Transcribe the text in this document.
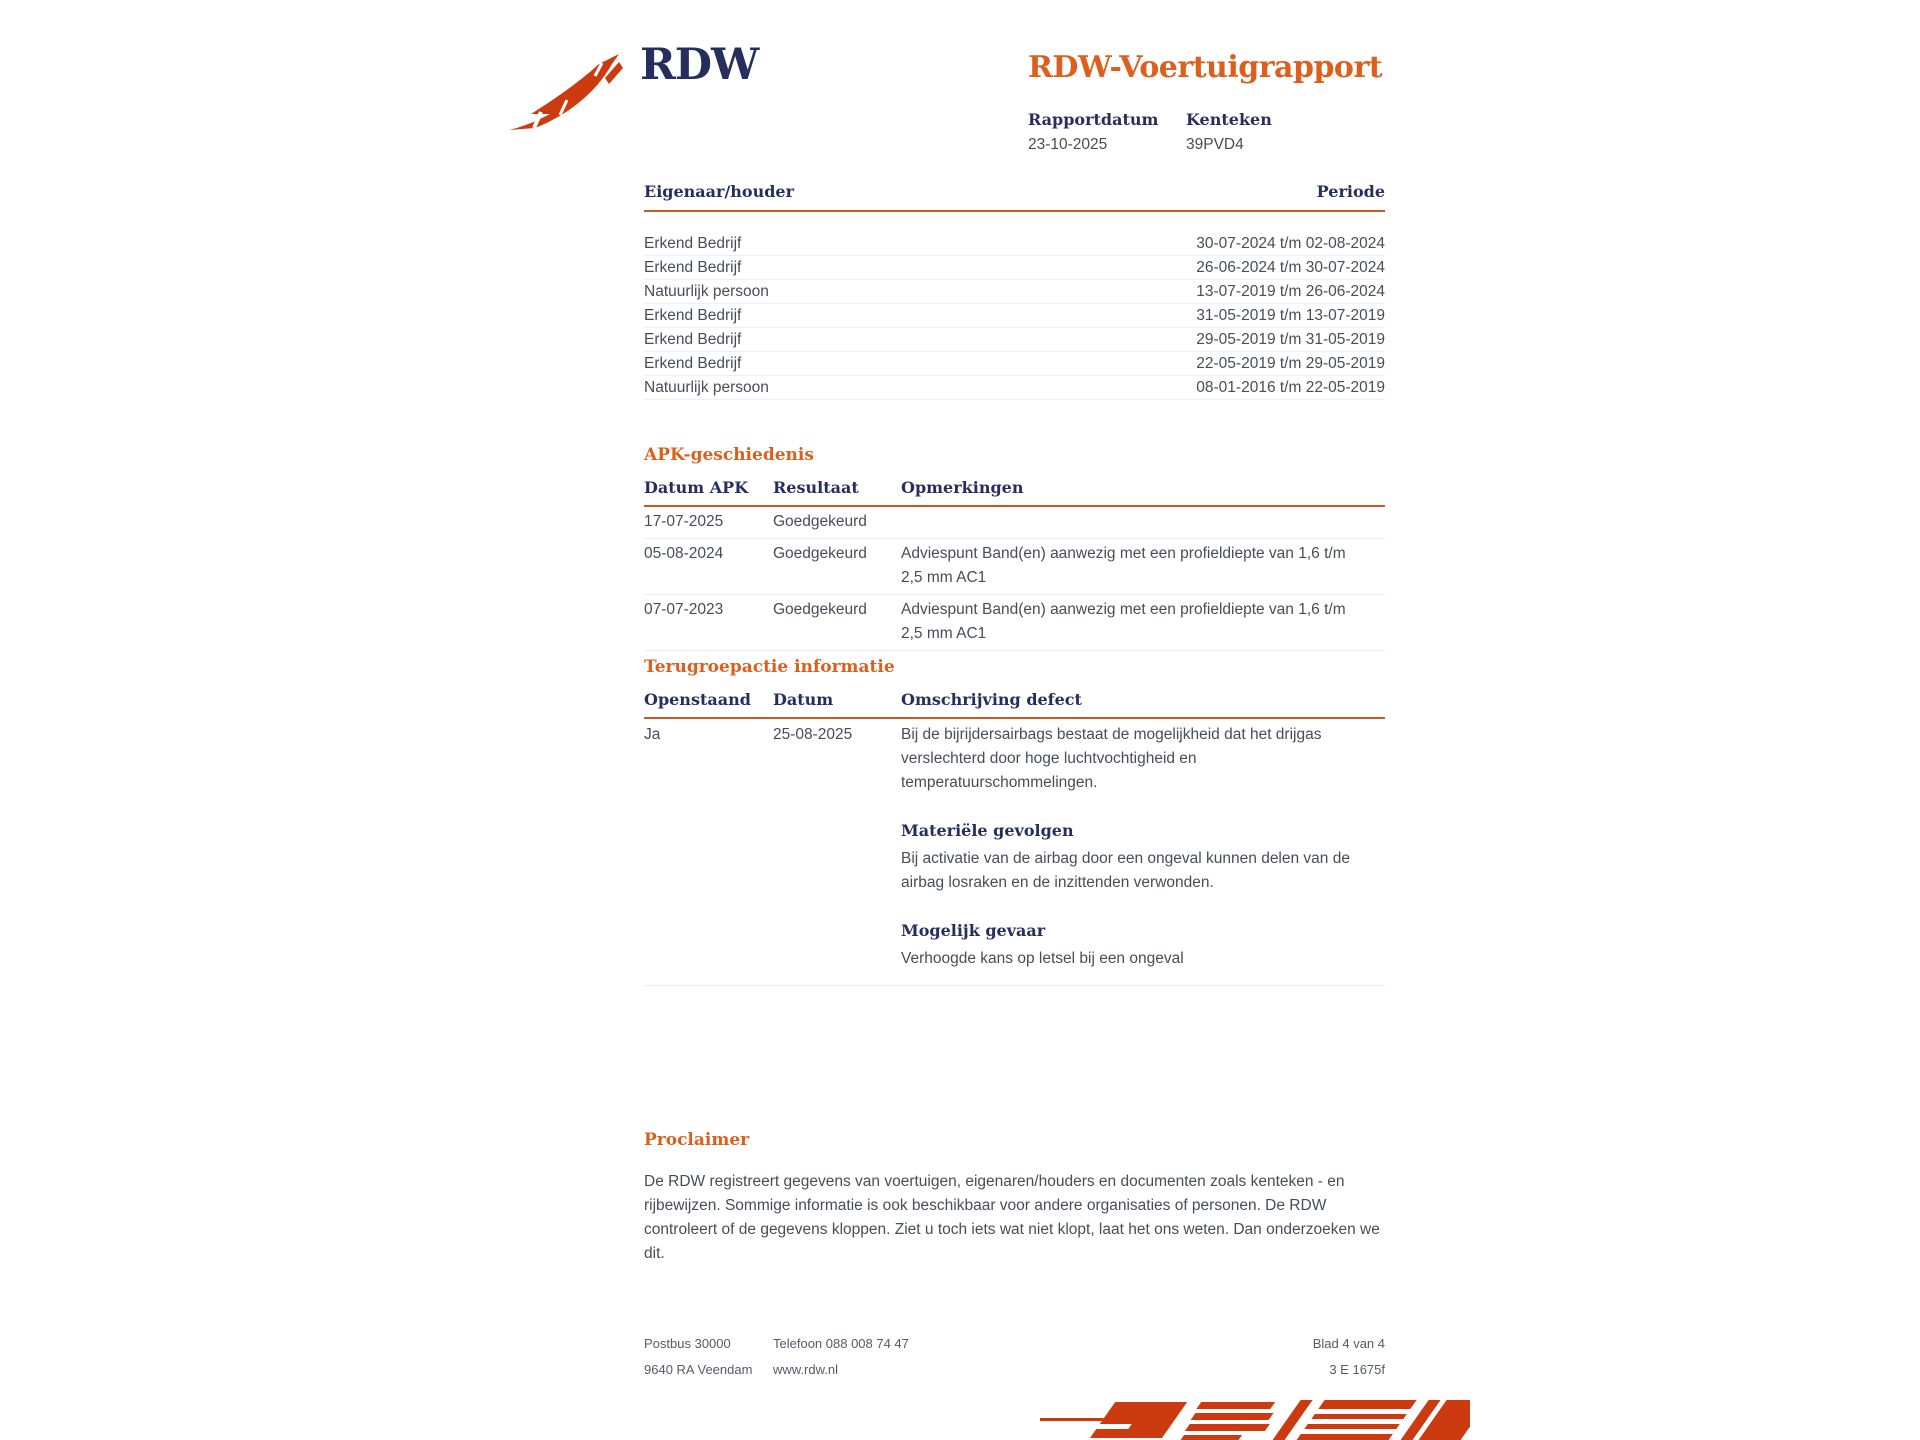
RDW	RDW-Voertuigrapport
Rapportdatum
23-10-2025
Kenteken
39PVD4
Eigenaar/houder	Periode
Erkend Bedrijf	30-07-2024 t/m 02-08-2024
Erkend Bedrijf	26-06-2024 t/m 30-07-2024
Natuurlijk persoon	13-07-2019 t/m 26-06-2024
Erkend Bedrijf	31-05-2019 t/m 13-07-2019
Erkend Bedrijf	29-05-2019 t/m 31-05-2019
Erkend Bedrijf	22-05-2019 t/m 29-05-2019
Natuurlijk persoon	08-01-2016 t/m 22-05-2019
APK-geschiedenis
Datum APK	Resultaat	Opmerkingen
17-07-2025	Goedgekeurd
05-08-2024	Goedgekeurd	Adviespunt Band(en) aanwezig met een profieldiepte van 1,6 t/m 2,5 mm AC1
07-07-2023	Goedgekeurd	Adviespunt Band(en) aanwezig met een profieldiepte van 1,6 t/m 2,5 mm AC1
Terugroepactie informatie
Openstaand	Datum	Omschrijving defect
Ja	25-08-2025	Bij de bijrijdersairbags bestaat de mogelijkheid dat het drijgas verslechterd door hoge luchtvochtigheid en temperatuurschommelingen.

Materiële gevolgen

Bij activatie van de airbag door een ongeval kunnen delen van de airbag losraken en de inzittenden verwonden.

Mogelijk gevaar

Verhoogde kans op letsel bij een ongeval

Proclaimer

De RDW registreert gegevens van voertuigen, eigenaren/houders en documenten zoals kenteken - en rijbewijzen. Sommige informatie is ook beschikbaar voor andere organisaties of personen. De RDW controleert of de gegevens kloppen. Ziet u toch iets wat niet klopt, laat het ons weten. Dan onderzoeken we dit.

Postbus 30000	Telefoon 088 008 74 47	Blad 4 van 4
9640 RA Veendam	www.rdw.nl	3 E 1675f
